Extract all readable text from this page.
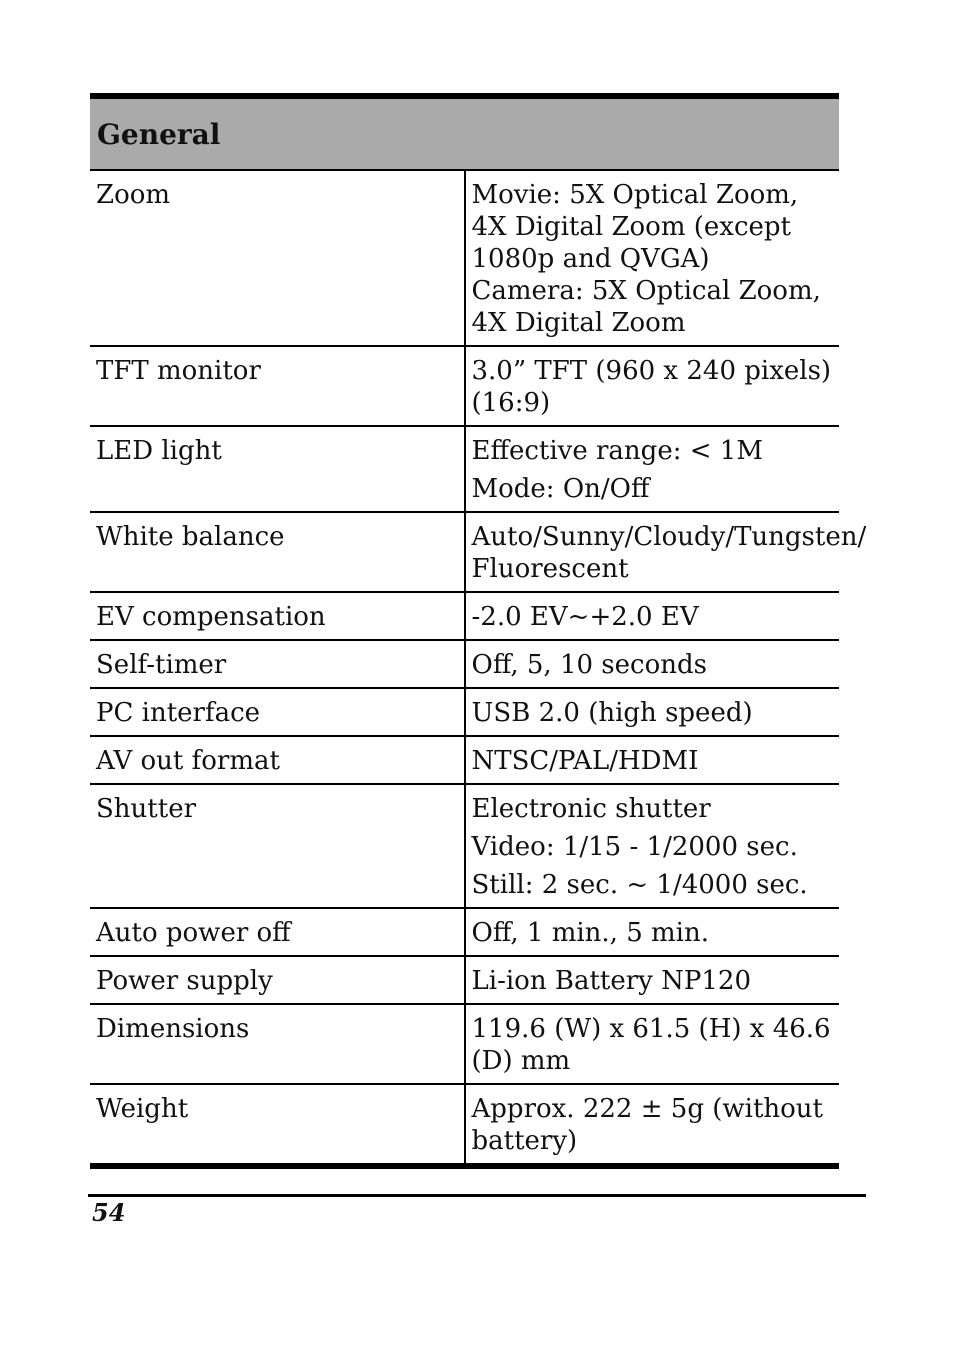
General	
Zoom	Movie: 5X Optical Zoom, 4X Digital Zoom (except 1080p and QVGA)
Camera: 5X Optical Zoom, 4X Digital Zoom

TFT monitor	3.0” TFT (960 x 240 pixels) (16:9)

LED light	Effective range: < 1M
Mode: On/Off

White balance	Auto/Sunny/Cloudy/Tungsten/ Fluorescent

EV compensation	-2.0 EV~+2.0 EV

Self-timer	Off, 5, 10 seconds

PC interface	USB 2.0 (high speed)

AV out format	NTSC/PAL/HDMI

Shutter	Electronic shutter
Video: 1/15 - 1/2000 sec.
Still: 2 sec. ~ 1/4000 sec.

Auto power off	Off, 1 min., 5 min.

Power supply	Li-ion Battery NP120

Dimensions	119.6 (W) x 61.5 (H) x 46.6 (D) mm

Weight	Approx. 222 ± 5g (without battery)
54
